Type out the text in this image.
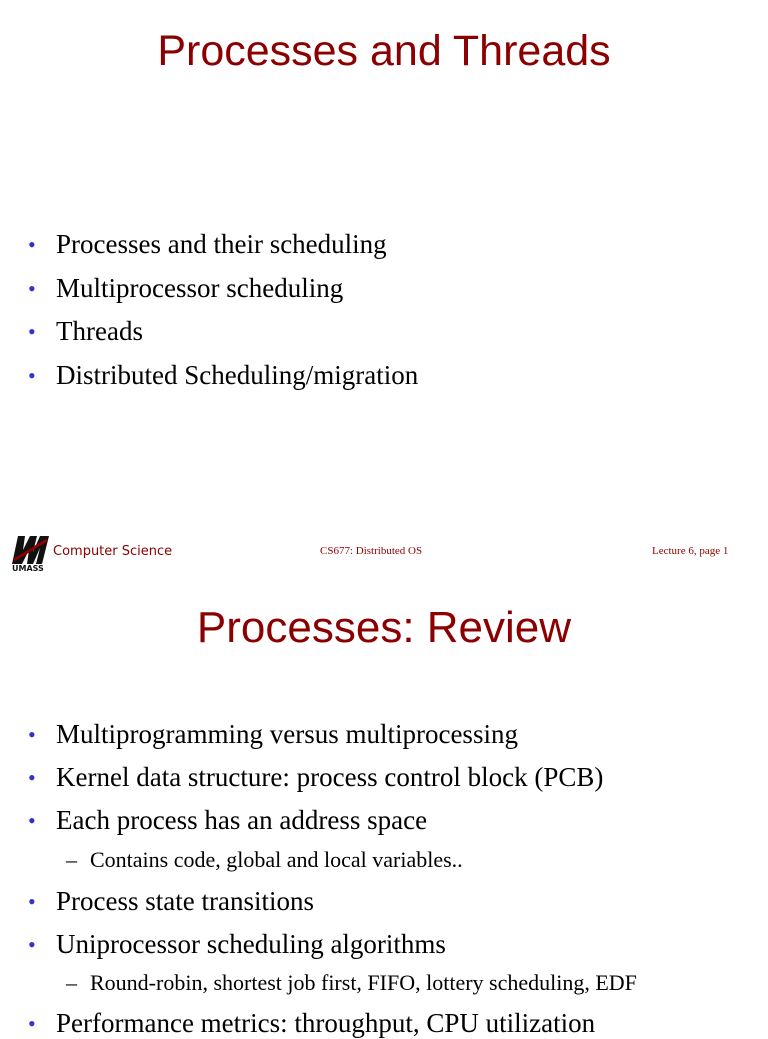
Processes and Threads
• Processes and their scheduling
• Multiprocessor scheduling
• Threads
• Distributed Scheduling/migration
UMASS
Computer Science	CS677: Distributed OS	Lecture 6, page 1
Processes: Review
• Multiprogramming versus multiprocessing
• Kernel data structure: process control block (PCB)
• Each process has an address space
– Contains code, global and local variables..
• Process state transitions
• Uniprocessor scheduling algorithms
– Round-robin, shortest job first, FIFO, lottery scheduling, EDF
• Performance metrics: throughput, CPU utilization
